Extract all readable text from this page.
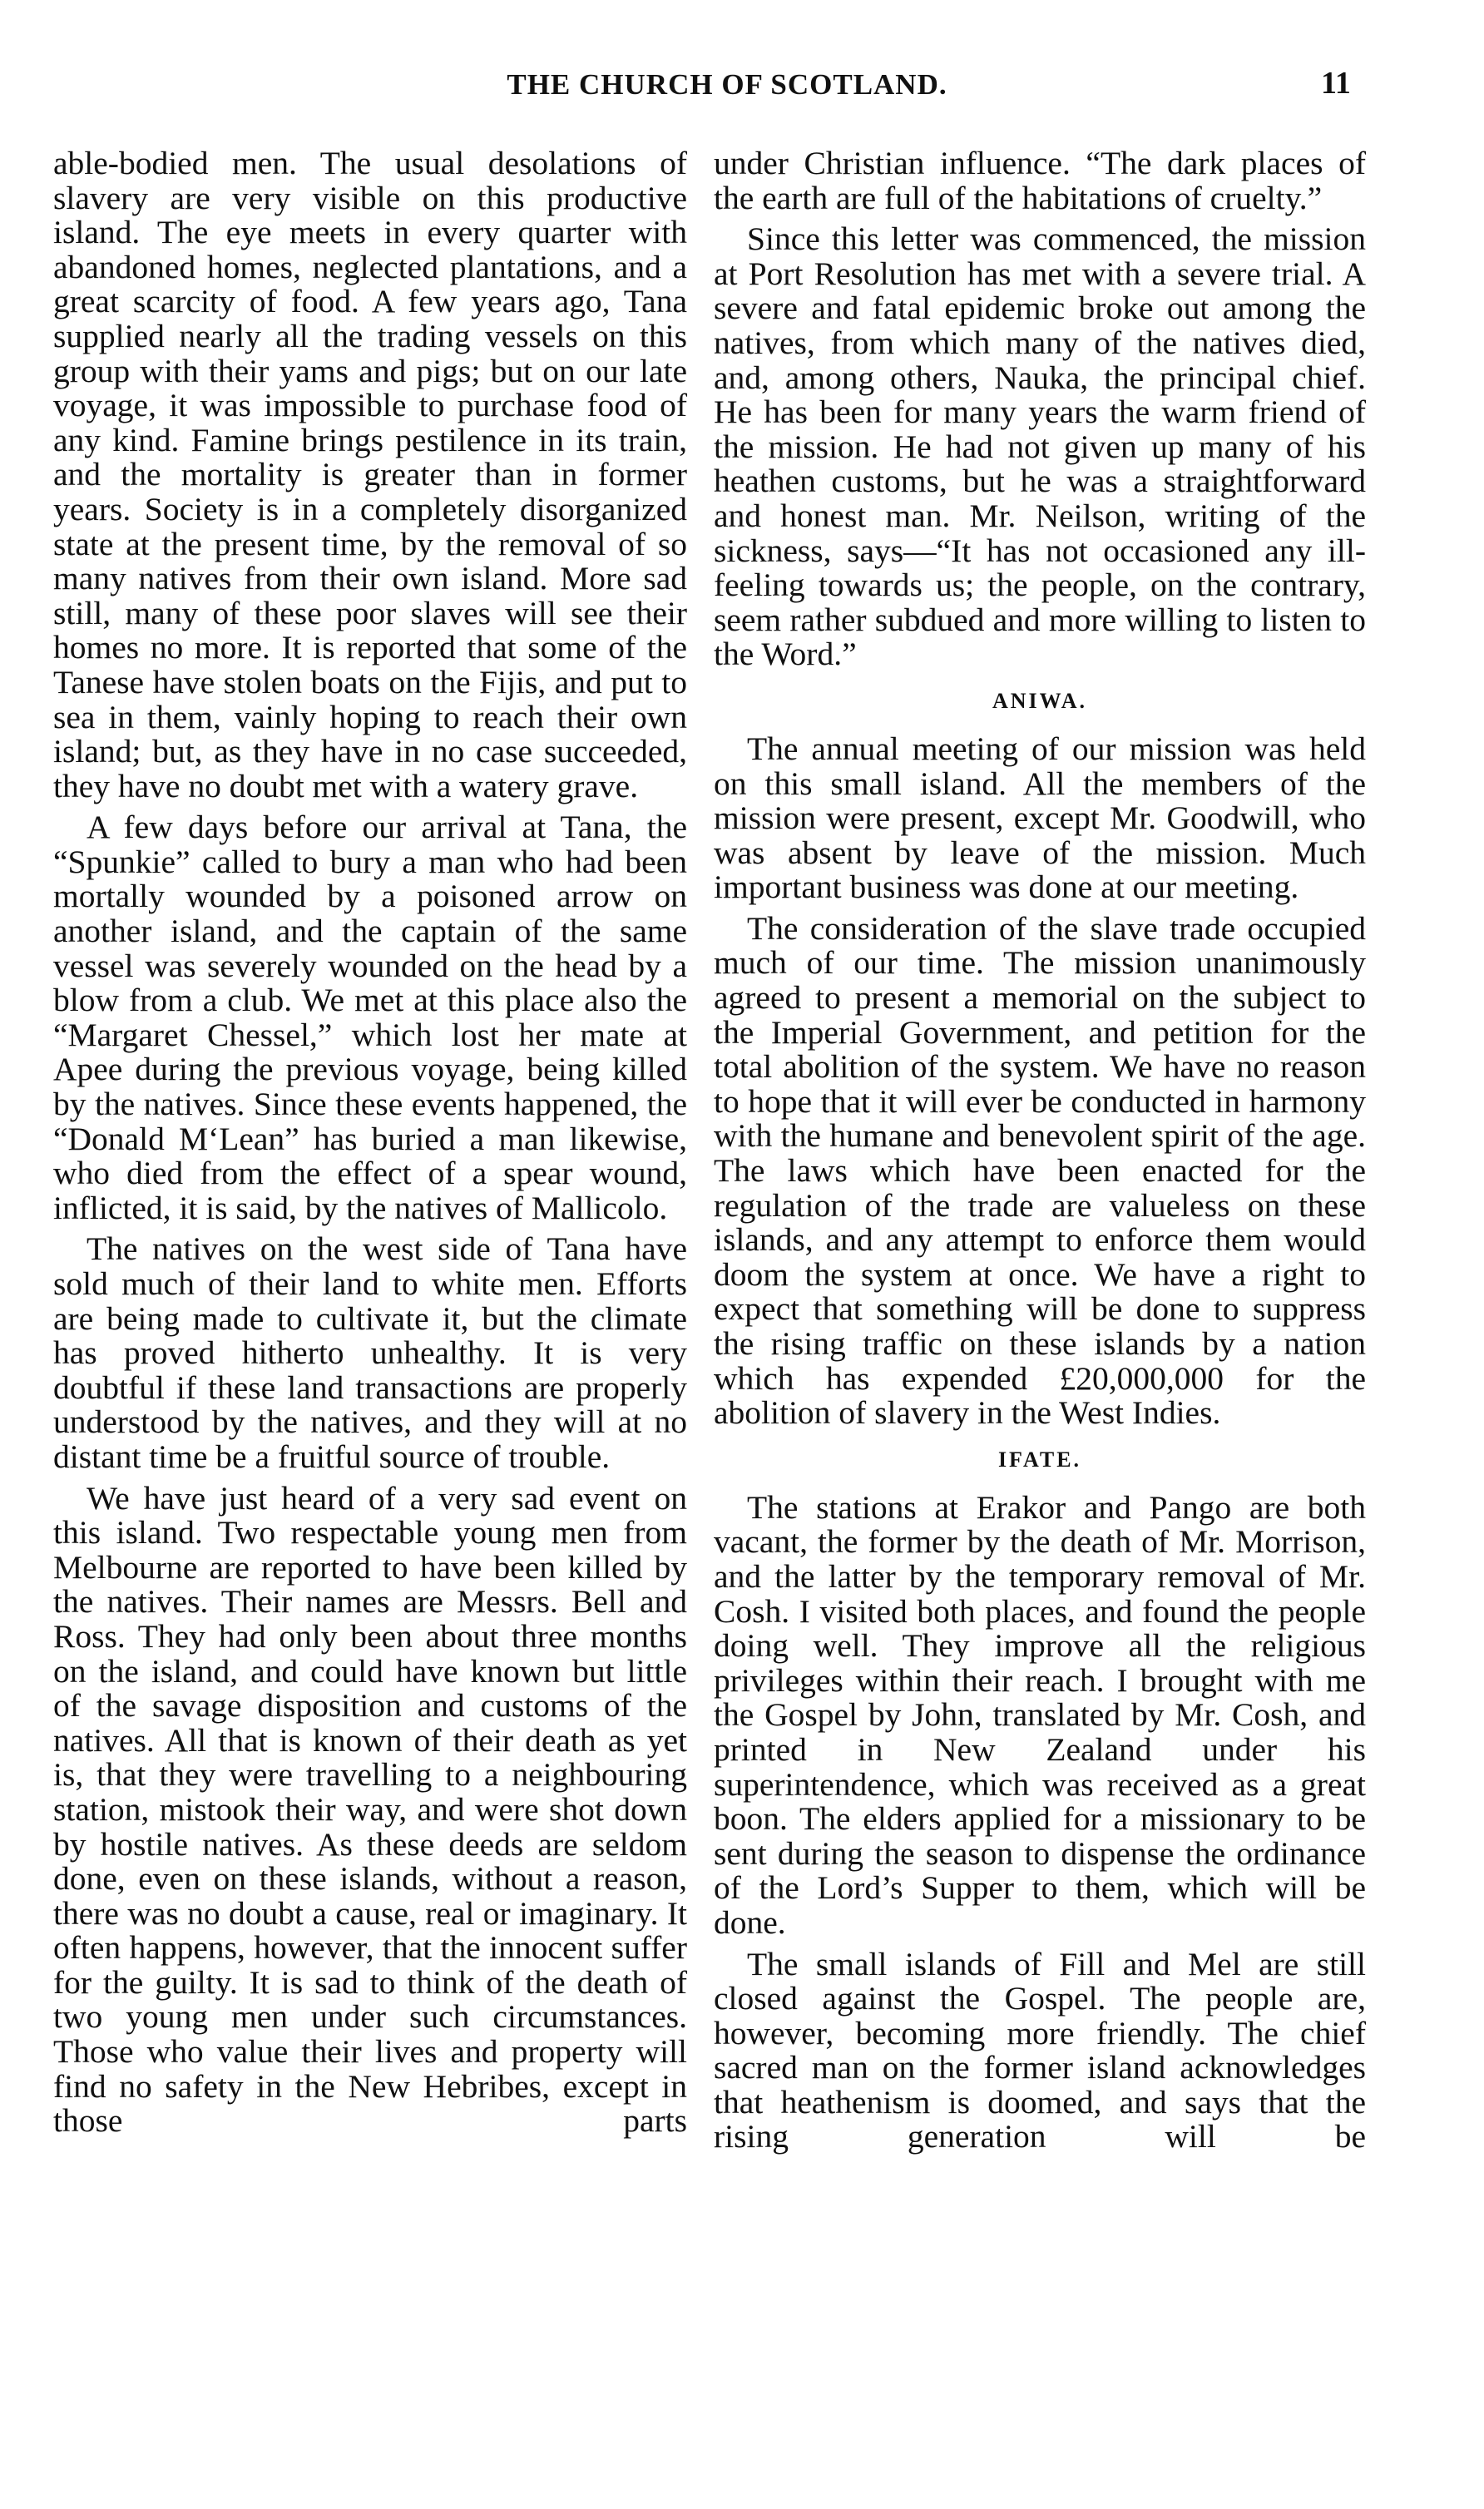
THE CHURCH OF SCOTLAND.	11

able-bodied men. The usual desolations of slavery are very visible on this productive island. The eye meets in every quarter with abandoned homes, neglected plantations, and a great scarcity of food. A few years ago, Tana supplied nearly all the trading vessels on this group with their yams and pigs; but on our late voyage, it was impossible to purchase food of any kind. Famine brings pestilence in its train, and the mortality is greater than in former years. Society is in a completely disorganized state at the present time, by the removal of so many natives from their own island. More sad still, many of these poor slaves will see their homes no more. It is reported that some of the Tanese have stolen boats on the Fijis, and put to sea in them, vainly hoping to reach their own island; but, as they have in no case succeeded, they have no doubt met with a watery grave.

A few days before our arrival at Tana, the “Spunkie” called to bury a man who had been mortally wounded by a poisoned arrow on another island, and the captain of the same vessel was severely wounded on the head by a blow from a club. We met at this place also the “Margaret Chessel,” which lost her mate at Apee during the previous voyage, being killed by the natives. Since these events happened, the “Donald M‘Lean” has buried a man likewise, who died from the effect of a spear wound, inflicted, it is said, by the natives of Mallicolo.

The natives on the west side of Tana have sold much of their land to white men. Efforts are being made to cultivate it, but the climate has proved hitherto unhealthy. It is very doubtful if these land transactions are properly understood by the natives, and they will at no distant time be a fruitful source of trouble.

We have just heard of a very sad event on this island. Two respectable young men from Melbourne are reported to have been killed by the natives. Their names are Messrs. Bell and Ross. They had only been about three months on the island, and could have known but little of the savage disposition and customs of the natives. All that is known of their death as yet is, that they were travelling to a neighbouring station, mistook their way, and were shot down by hostile natives. As these deeds are seldom done, even on these islands, without a reason, there was no doubt a cause, real or imaginary. It often happens, however, that the innocent suffer for the guilty. It is sad to think of the death of two young men under such circumstances. Those who value their lives and property will find no safety in the New Hebribes, except in those parts

under Christian influence. “The dark places of the earth are full of the habitations of cruelty.”

Since this letter was commenced, the mission at Port Resolution has met with a severe trial. A severe and fatal epidemic broke out among the natives, from which many of the natives died, and, among others, Nauka, the principal chief. He has been for many years the warm friend of the mission. He had not given up many of his heathen customs, but he was a straightforward and honest man. Mr. Neilson, writing of the sickness, says—“It has not occasioned any ill-feeling towards us; the people, on the contrary, seem rather subdued and more willing to listen to the Word.”

ANIWA.

The annual meeting of our mission was held on this small island. All the members of the mission were present, except Mr. Goodwill, who was absent by leave of the mission. Much important business was done at our meeting.

The consideration of the slave trade occupied much of our time. The mission unanimously agreed to present a memorial on the subject to the Imperial Government, and petition for the total abolition of the system. We have no reason to hope that it will ever be conducted in harmony with the humane and benevolent spirit of the age. The laws which have been enacted for the regulation of the trade are valueless on these islands, and any attempt to enforce them would doom the system at once. We have a right to expect that something will be done to suppress the rising traffic on these islands by a nation which has expended £20,000,000 for the abolition of slavery in the West Indies.

IFATE.

The stations at Erakor and Pango are both vacant, the former by the death of Mr. Morrison, and the latter by the temporary removal of Mr. Cosh. I visited both places, and found the people doing well. They improve all the religious privileges within their reach. I brought with me the Gospel by John, translated by Mr. Cosh, and printed in New Zealand under his superintendence, which was received as a great boon. The elders applied for a missionary to be sent during the season to dispense the ordinance of the Lord’s Supper to them, which will be done.

The small islands of Fill and Mel are still closed against the Gospel. The people are, however, becoming more friendly. The chief sacred man on the former island acknowledges that heathenism is doomed, and says that the rising generation will be
